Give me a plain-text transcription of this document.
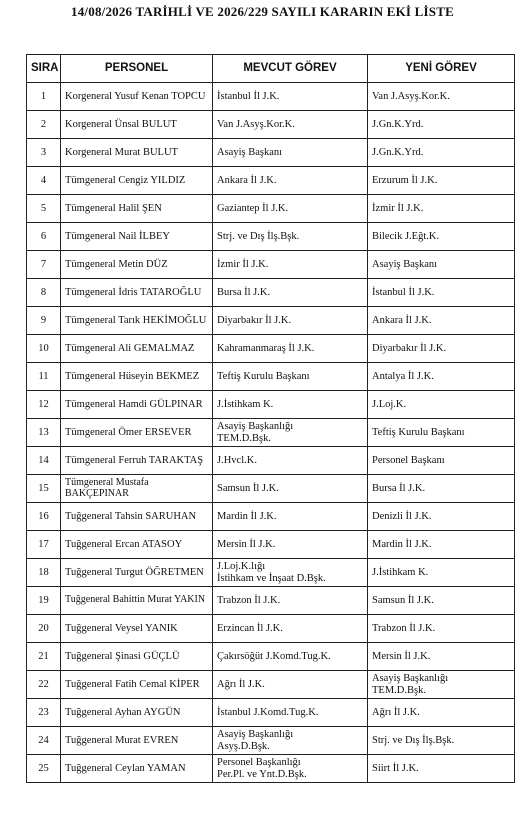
14/08/2026 TARİHLİ VE 2026/229 SAYILI KARARIN EKİ LİSTE
SIRA	PERSONEL	MEVCUT GÖREV	YENİ GÖREV
1	Korgeneral Yusuf Kenan TOPCU	İstanbul İl J.K.	Van J.Asyş.Kor.K.
2	Korgeneral Ünsal BULUT	Van J.Asyş.Kor.K.	J.Gn.K.Yrd.
3	Korgeneral Murat BULUT	Asayiş Başkanı	J.Gn.K.Yrd.
4	Tümgeneral Cengiz YILDIZ	Ankara İl J.K.	Erzurum İl J.K.
5	Tümgeneral Halil ŞEN	Gaziantep İl J.K.	İzmir İl J.K.
6	Tümgeneral Nail İLBEY	Strj. ve Dış İlş.Bşk.	Bilecik J.Eğt.K.
7	Tümgeneral Metin DÜZ	İzmir İl J.K.	Asayiş Başkanı
8	Tümgeneral İdris TATAROĞLU	Bursa İl J.K.	İstanbul İl J.K.
9	Tümgeneral Tarık HEKİMOĞLU	Diyarbakır İl J.K.	Ankara İl J.K.
10	Tümgeneral Ali GEMALMAZ	Kahramanmaraş İl J.K.	Diyarbakır İl J.K.
11	Tümgeneral Hüseyin BEKMEZ	Teftiş Kurulu Başkanı	Antalya İl J.K.
12	Tümgeneral Hamdi GÜLPINAR	J.İstihkam K.	J.Loj.K.
13	Tümgeneral Ömer ERSEVER	Asayiş Başkanlığı
TEM.D.Bşk.	Teftiş Kurulu Başkanı
14	Tümgeneral Ferruh TARAKTAŞ	J.Hvcl.K.	Personel Başkanı
15	Tümgeneral Mustafa BAKÇEPINAR	Samsun İl J.K.	Bursa İl J.K.
16	Tuğgeneral Tahsin SARUHAN	Mardin İl J.K.	Denizli İl J.K.
17	Tuğgeneral Ercan ATASOY	Mersin İl J.K.	Mardin İl J.K.
18	Tuğgeneral Turgut ÖĞRETMEN	J.Loj.K.lığı
İstihkam ve İnşaat D.Bşk.	J.İstihkam K.
19	Tuğgeneral Bahittin Murat YAKIN	Trabzon İl J.K.	Samsun İl J.K.
20	Tuğgeneral Veysel YANIK	Erzincan İl J.K.	Trabzon İl J.K.
21	Tuğgeneral Şinasi GÜÇLÜ	Çakırsöğüt J.Komd.Tug.K.	Mersin İl J.K.
22	Tuğgeneral Fatih Cemal KİPER	Ağrı İl J.K.	Asayiş Başkanlığı
TEM.D.Bşk.
23	Tuğgeneral Ayhan AYGÜN	İstanbul J.Komd.Tug.K.	Ağrı İl J.K.
24	Tuğgeneral Murat EVREN	Asayiş Başkanlığı
Asyş.D.Bşk.	Strj. ve Dış İlş.Bşk.
25	Tuğgeneral Ceylan YAMAN	Personel Başkanlığı
Per.Pl. ve Ynt.D.Bşk.	Siirt İl J.K.
